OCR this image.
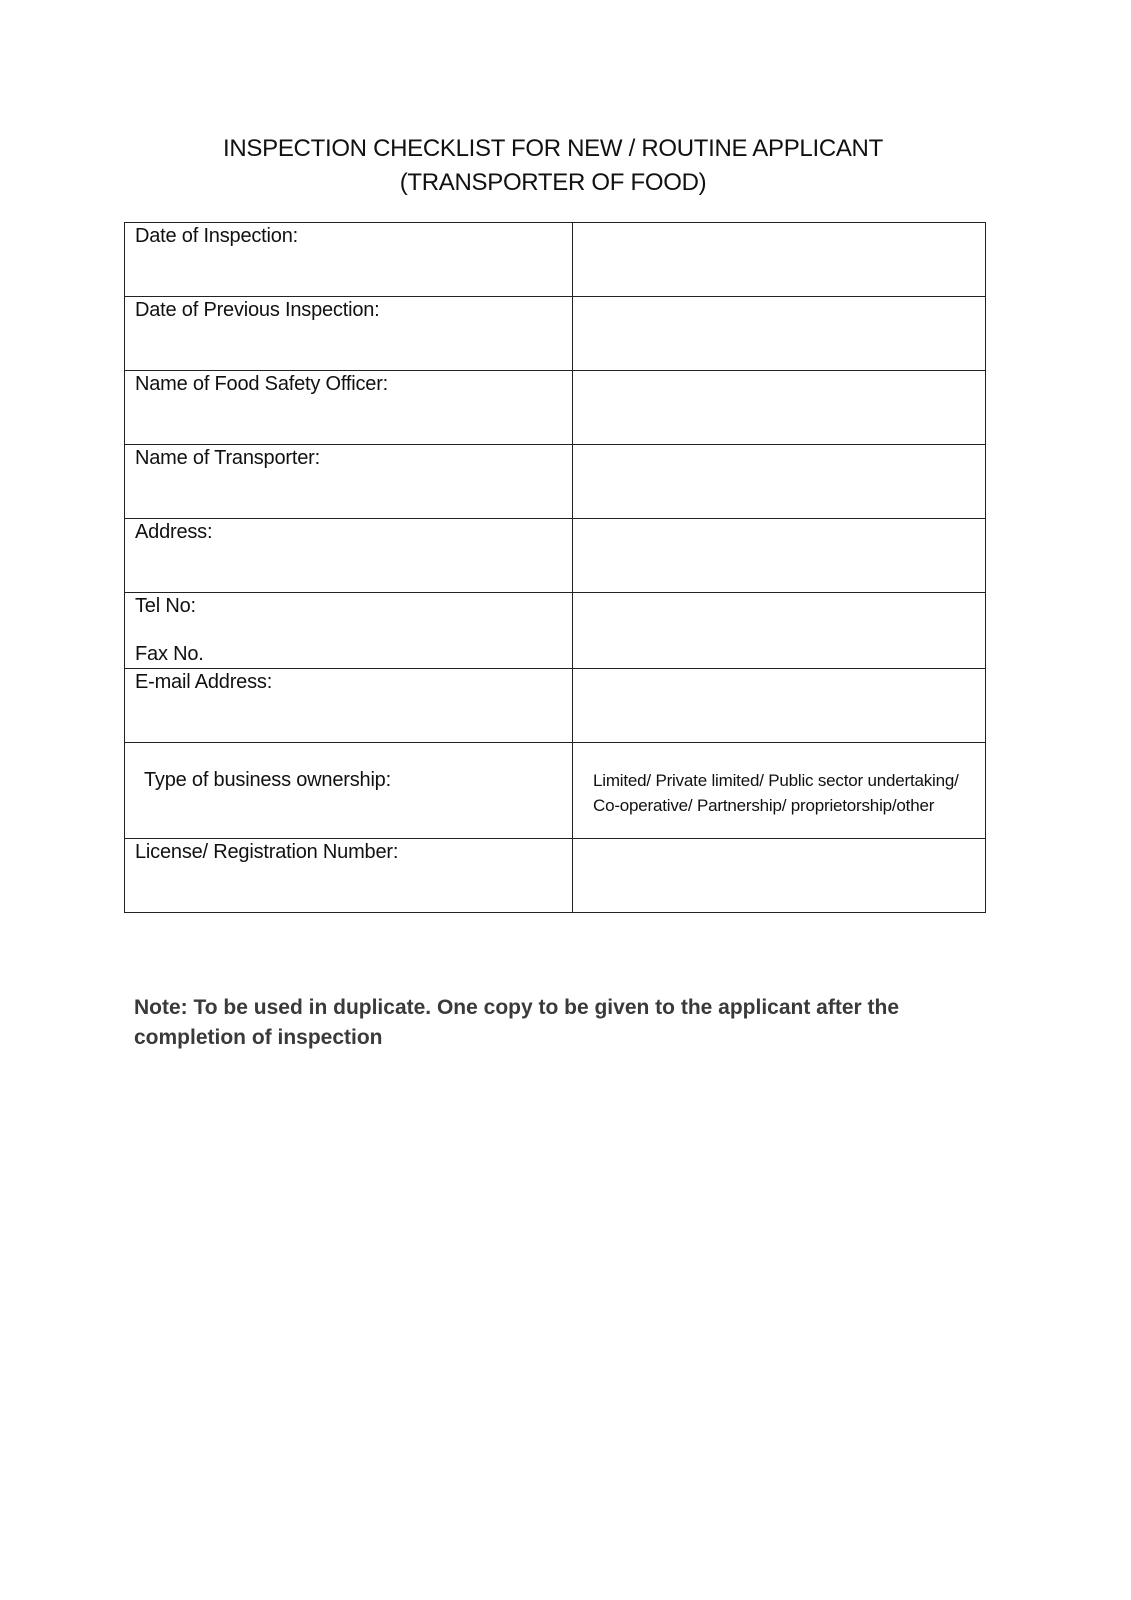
INSPECTION CHECKLIST FOR NEW / ROUTINE APPLICANT
(TRANSPORTER OF FOOD)
Date of Inspection:	
Date of Previous Inspection:	
Name of Food Safety Officer:	
Name of Transporter:	
Address:	
Tel No:
Fax No.	

E-mail Address:	
Type of business ownership:	Limited/ Private limited/ Public sector undertaking/ Co-operative/ Partnership/ proprietorship/other
License/ Registration Number:	
Note: To be used in duplicate. One copy to be given to the applicant after the completion of inspection
